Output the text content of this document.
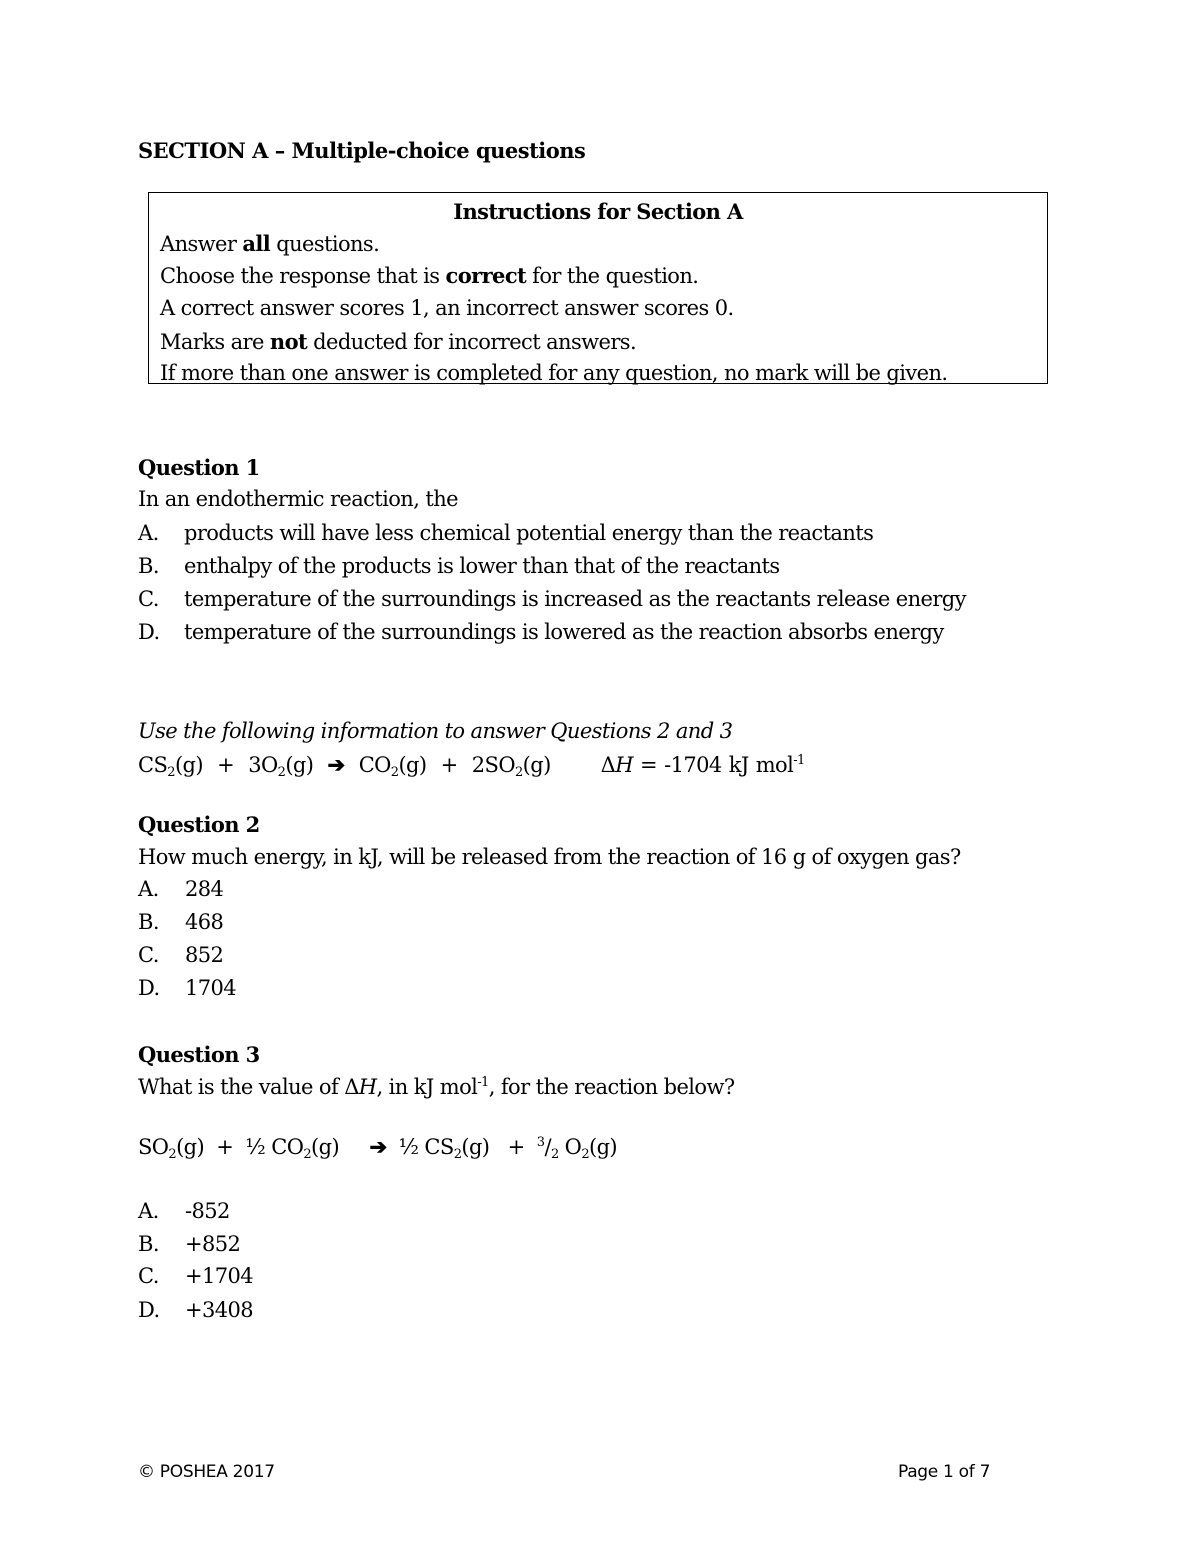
SECTION A – Multiple-choice questions
Instructions for Section A
Answer all questions.
Choose the response that is correct for the question.
A correct answer scores 1, an incorrect answer scores 0.
Marks are not deducted for incorrect answers.
If more than one answer is completed for any question, no mark will be given.
Question 1
In an endothermic reaction, the
A. products will have less chemical potential energy than the reactants
B. enthalpy of the products is lower than that of the reactants
C. temperature of the surroundings is increased as the reactants release energy
D. temperature of the surroundings is lowered as the reaction absorbs energy
Use the following information to answer Questions 2 and 3
$CS_2(g) + 3O_2(g)$ ➔ $CO_2(g) + 2SO_2(g) \Delta H = -1704$ kJ mol$^{-1}$
Question 2
How much energy, in kJ, will be released from the reaction of 16 g of oxygen gas?
A. 284
B. 468
C. 852
D. 1704
Question 3
What is the value of ΔH, in kJ mol$^{-1}$, for the reaction below?
$SO_2(g)$ + ½ $CO_2(g)$ ➔ ½ $CS_2(g) + ^3/_2$ $O_2(g)$
A. -852
B. +852
C. +1704
D. +3408
© POSHEA 2017	Page 1 of 7
